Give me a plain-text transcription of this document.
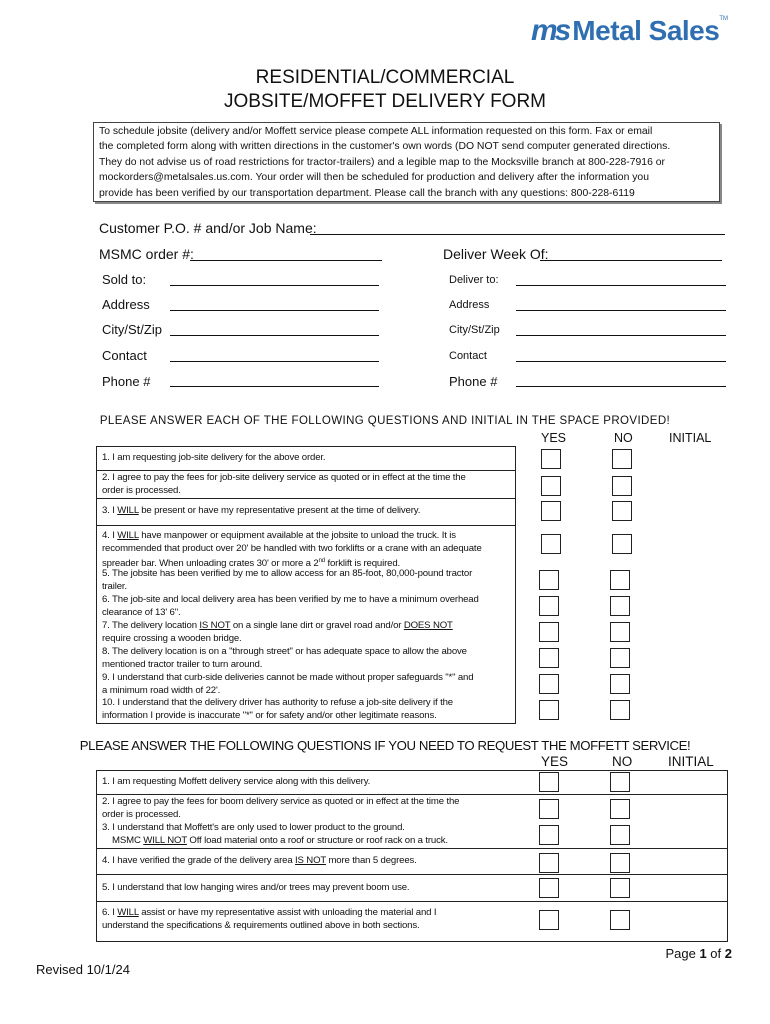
ms Metal Sales TM
RESIDENTIAL/COMMERCIAL
JOBSITE/MOFFET DELIVERY FORM
To schedule jobsite (delivery and/or Moffett service please compete ALL information requested on this form. Fax or email
the completed form along with written directions in the customer's own words (DO NOT send computer generated directions.
They do not advise us of road restrictions for tractor-trailers) and a legible map to the Mocksville branch at 800-228-7916 or
mockorders@metalsales.us.com. Your order will then be scheduled for production and delivery after the information you
provide has been verified by our transportation department. Please call the branch with any questions: 800-228-6119
Customer P.O. # and/or Job Name:
MSMC order #:	Deliver Week Of:
Sold to:	Deliver to:
Address	Address
City/St/Zip	City/St/Zip
Contact	Contact
Phone #	Phone #
PLEASE ANSWER EACH OF THE FOLLOWING QUESTIONS AND INITIAL IN THE SPACE PROVIDED!
YES	NO	INITIAL
1. I am requesting job-site delivery for the above order.
2. I agree to pay the fees for job-site delivery service as quoted or in effect at the time the
order is processed.
3. I WILL be present or have my representative present at the time of delivery.
4. I WILL have manpower or equipment available at the jobsite to unload the truck. It is
recommended that product over 20' be handled with two forklifts or a crane with an adequate
spreader bar. When unloading crates 30' or more a 2nd forklift is required.
5. The jobsite has been verified by me to allow access for an 85-foot, 80,000-pound tractor
trailer.
6. The job-site and local delivery area has been verified by me to have a minimum overhead
clearance of 13' 6".
7. The delivery location IS NOT on a single lane dirt or gravel road and/or DOES NOT
require crossing a wooden bridge.
8. The delivery location is on a "through street" or has adequate space to allow the above
mentioned tractor trailer to turn around.
9. I understand that curb-side deliveries cannot be made without proper safeguards "*" and
a minimum road width of 22'.
10. I understand that the delivery driver has authority to refuse a job-site delivery if the
information I provide is inaccurate "*" or for safety and/or other legitimate reasons.
PLEASE ANSWER THE FOLLOWING QUESTIONS IF YOU NEED TO REQUEST THE MOFFETT SERVICE!
YES	NO	INITIAL
1. I am requesting Moffett delivery service along with this delivery.
2. I agree to pay the fees for boom delivery service as quoted or in effect at the time the
order is processed.
3. I understand that Moffett's are only used to lower product to the ground.
MSMC WILL NOT Off load material onto a roof or structure or roof rack on a truck.
4. I have verified the grade of the delivery area IS NOT more than 5 degrees.
5. I understand that low hanging wires and/or trees may prevent boom use.
6. I WILL assist or have my representative assist with unloading the material and I
understand the specifications & requirements outlined above in both sections.
Page 1 of 2
Revised 10/1/24
